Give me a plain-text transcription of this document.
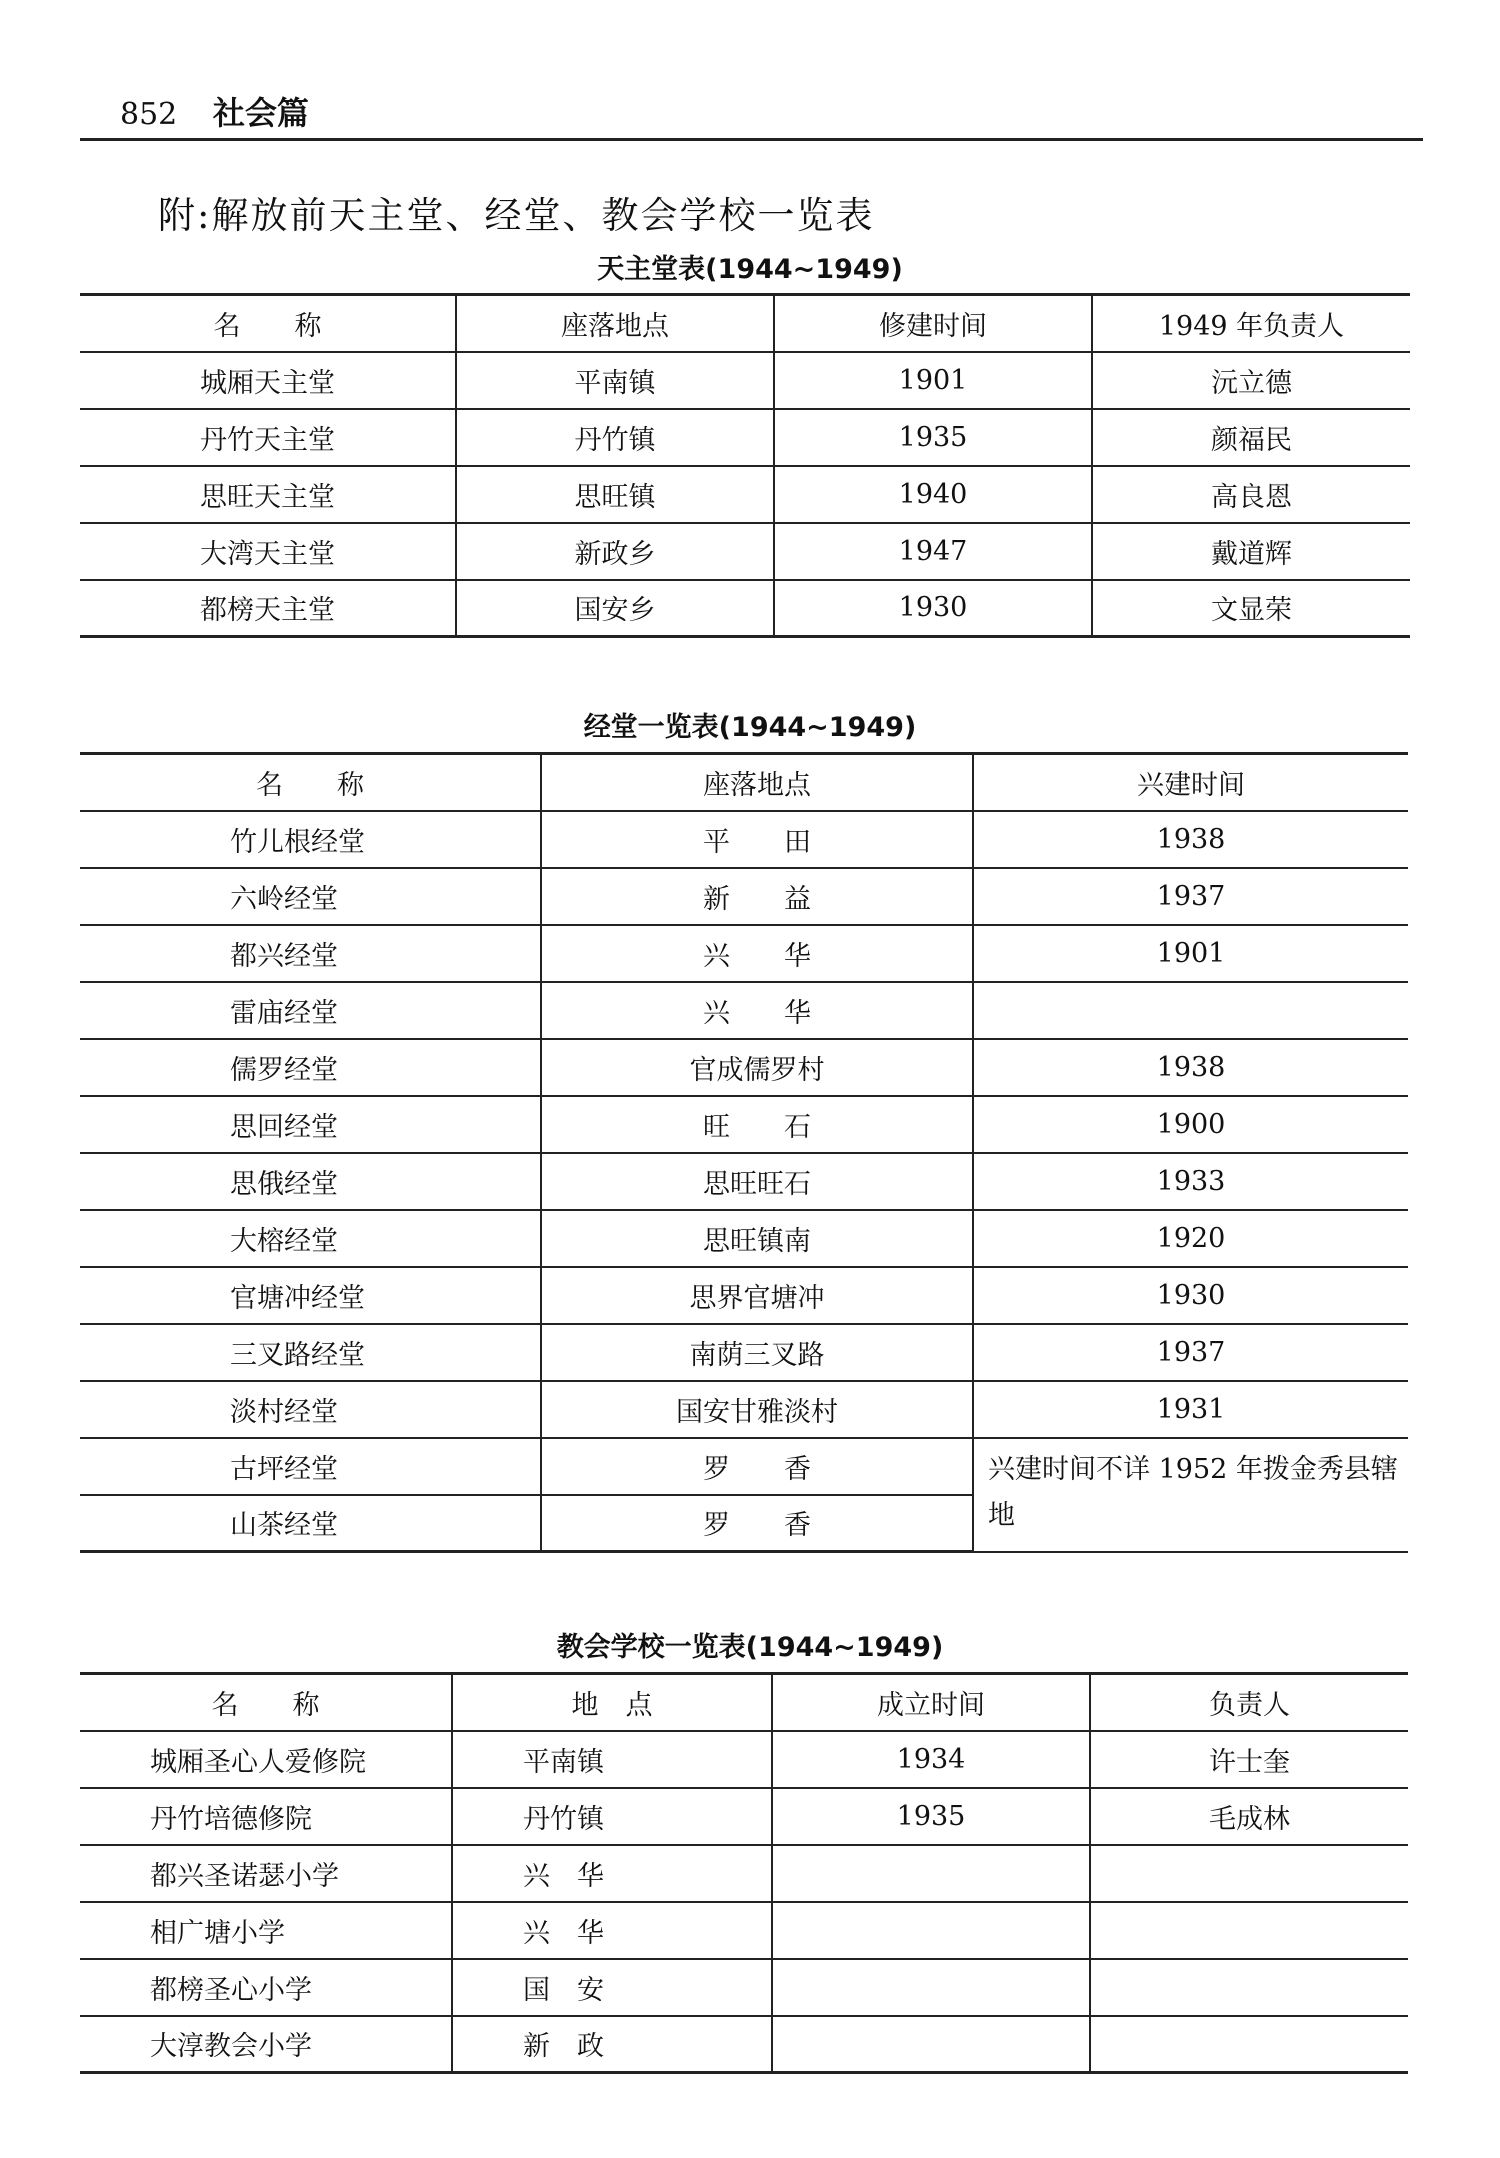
852 社会篇
附:解放前天主堂、经堂、教会学校一览表
天主堂表(1944~1949)
名　　称	座落地点	修建时间	1949 年负责人
城厢天主堂	平南镇	1901	沅立德
丹竹天主堂	丹竹镇	1935	颜福民
思旺天主堂	思旺镇	1940	高良恩
大湾天主堂	新政乡	1947	戴道辉
都榜天主堂	国安乡	1930	文显荣
经堂一览表(1944~1949)
名　　称	座落地点	兴建时间
竹儿根经堂	平　　田	1938
六岭经堂	新　　益	1937
都兴经堂	兴　　华	1901
雷庙经堂	兴　　华	
儒罗经堂	官成儒罗村	1938
思回经堂	旺　　石	1900
思俄经堂	思旺旺石	1933
大榕经堂	思旺镇南	1920
官塘冲经堂	思界官塘冲	1930
三叉路经堂	南荫三叉路	1937
淡村经堂	国安甘雅淡村	1931
古坪经堂	罗　　香	兴建时间不详 1952 年拨金秀县辖地
山茶经堂	罗　　香	
教会学校一览表(1944~1949)
名　　称	地　点	成立时间	负责人
城厢圣心人爱修院	平南镇	1934	许士奎
丹竹培德修院	丹竹镇	1935	毛成林
都兴圣诺瑟小学	兴　华		
相广塘小学	兴　华		
都榜圣心小学	国　安		
大淳教会小学	新　政		
